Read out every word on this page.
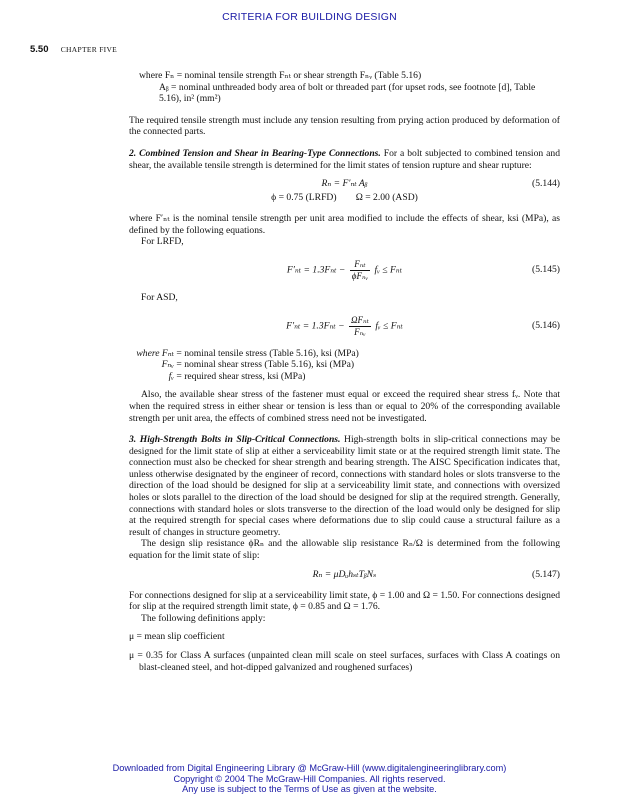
CRITERIA FOR BUILDING DESIGN
5.50 CHAPTER FIVE

where Fₙ = nominal tensile strength Fₙₜ or shear strength Fₙᵥ (Table 5.16)

Aᵦ = nominal unthreaded body area of bolt or threaded part (for upset rods, see footnote [d], Table 5.16), in² (mm²)

The required tensile strength must include any tension resulting from prying action produced by deformation of the connected parts.

2. Combined Tension and Shear in Bearing-Type Connections. For a bolt subjected to combined tension and shear, the available tensile strength is determined for the limit states of tension rupture and shear rupture:

Rₙ = F′ₙₜ Aᵦ	(5.144)
ϕ = 0.75 (LRFD)        Ω = 2.00 (ASD)

where F′ₙₜ is the nominal tensile strength per unit area modified to include the effects of shear, ksi (MPa), as defined by the following equations.

For LRFD,

$F'_{nt} = 1.3F_{nt} - \frac{\text{Fₙₜ}}{\text{ϕFₙᵥ}}$ fᵥ ≤ Fₙₜ	(5.145)

For ASD,

$F'_{nt} = 1.3F_{nt} - \frac{\text{ΩFₙₜ}}{\text{Fₙᵥ}}$ fᵥ ≤ Fₙₜ	(5.146)
where Fₙₜ = nominal tensile stress (Table 5.16), ksi (MPa)
Fₙᵥ = nominal shear stress (Table 5.16), ksi (MPa)
fᵥ = required shear stress, ksi (MPa)

Also, the available shear stress of the fastener must equal or exceed the required shear stress fᵥ. Note that when the required stress in either shear or tension is less than or equal to 20% of the corresponding available strength per unit area, the effects of combined stress need not be investigated.

3. High-Strength Bolts in Slip-Critical Connections. High-strength bolts in slip-critical connections may be designed for the limit state of slip at either a serviceability limit state or at the required strength limit state. The connection must also be checked for shear strength and bearing strength. The AISC Specification indicates that, unless otherwise designated by the engineer of record, connections with standard holes or slots transverse to the direction of the load should be designed for slip at a serviceability limit state, and connections with oversized holes or slots parallel to the direction of the load should be designed for slip at the required strength. Generally, connections with standard holes or slots transverse to the direction of the load would only be designed for slip at the required strength for special cases where deformations due to slip could cause a structural failure as a result of changes in structure geometry.

The design slip resistance ϕRₙ and the allowable slip resistance Rₙ/Ω is determined from the following equation for the limit state of slip:

Rₙ = μDᵤhₛₜTᵦNₛ	(5.147)

For connections designed for slip at a serviceability limit state, ϕ = 1.00 and Ω = 1.50. For connections designed for slip at the required strength limit state, ϕ = 0.85 and Ω = 1.76.

The following definitions apply:

μ = mean slip coefficient

μ = 0.35 for Class A surfaces (unpainted clean mill scale on steel surfaces, surfaces with Class A coatings on blast-cleaned steel, and hot-dipped galvanized and roughened surfaces)

Downloaded from Digital Engineering Library @ McGraw-Hill (www.digitalengineeringlibrary.com)
Copyright © 2004 The McGraw-Hill Companies. All rights reserved.
Any use is subject to the Terms of Use as given at the website.
